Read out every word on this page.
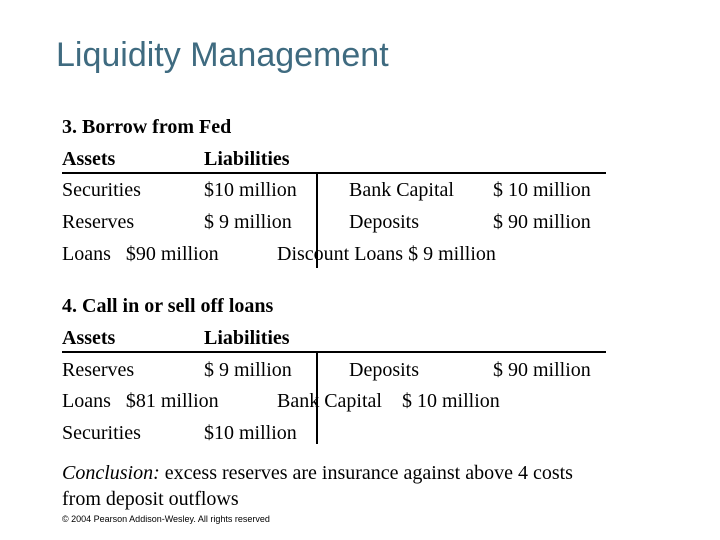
Liquidity Management
3. Borrow from Fed
Assets	Liabilities
Securities	$10 million	Bank Capital $ 10 million
Reserves	$ 9 million	Deposits	$ 90 million
Loans   $90 million	Discount Loans $ 9 million
4. Call in or sell off loans
Assets	Liabilities
Reserves	$ 9 million	Deposits	$ 90 million
Loans   $81 million	Bank Capital    $ 10 million
Securities	$10 million
Conclusion: excess reserves are insurance against above 4 costs
from deposit outflows
© 2004 Pearson Addison-Wesley. All rights reserved
